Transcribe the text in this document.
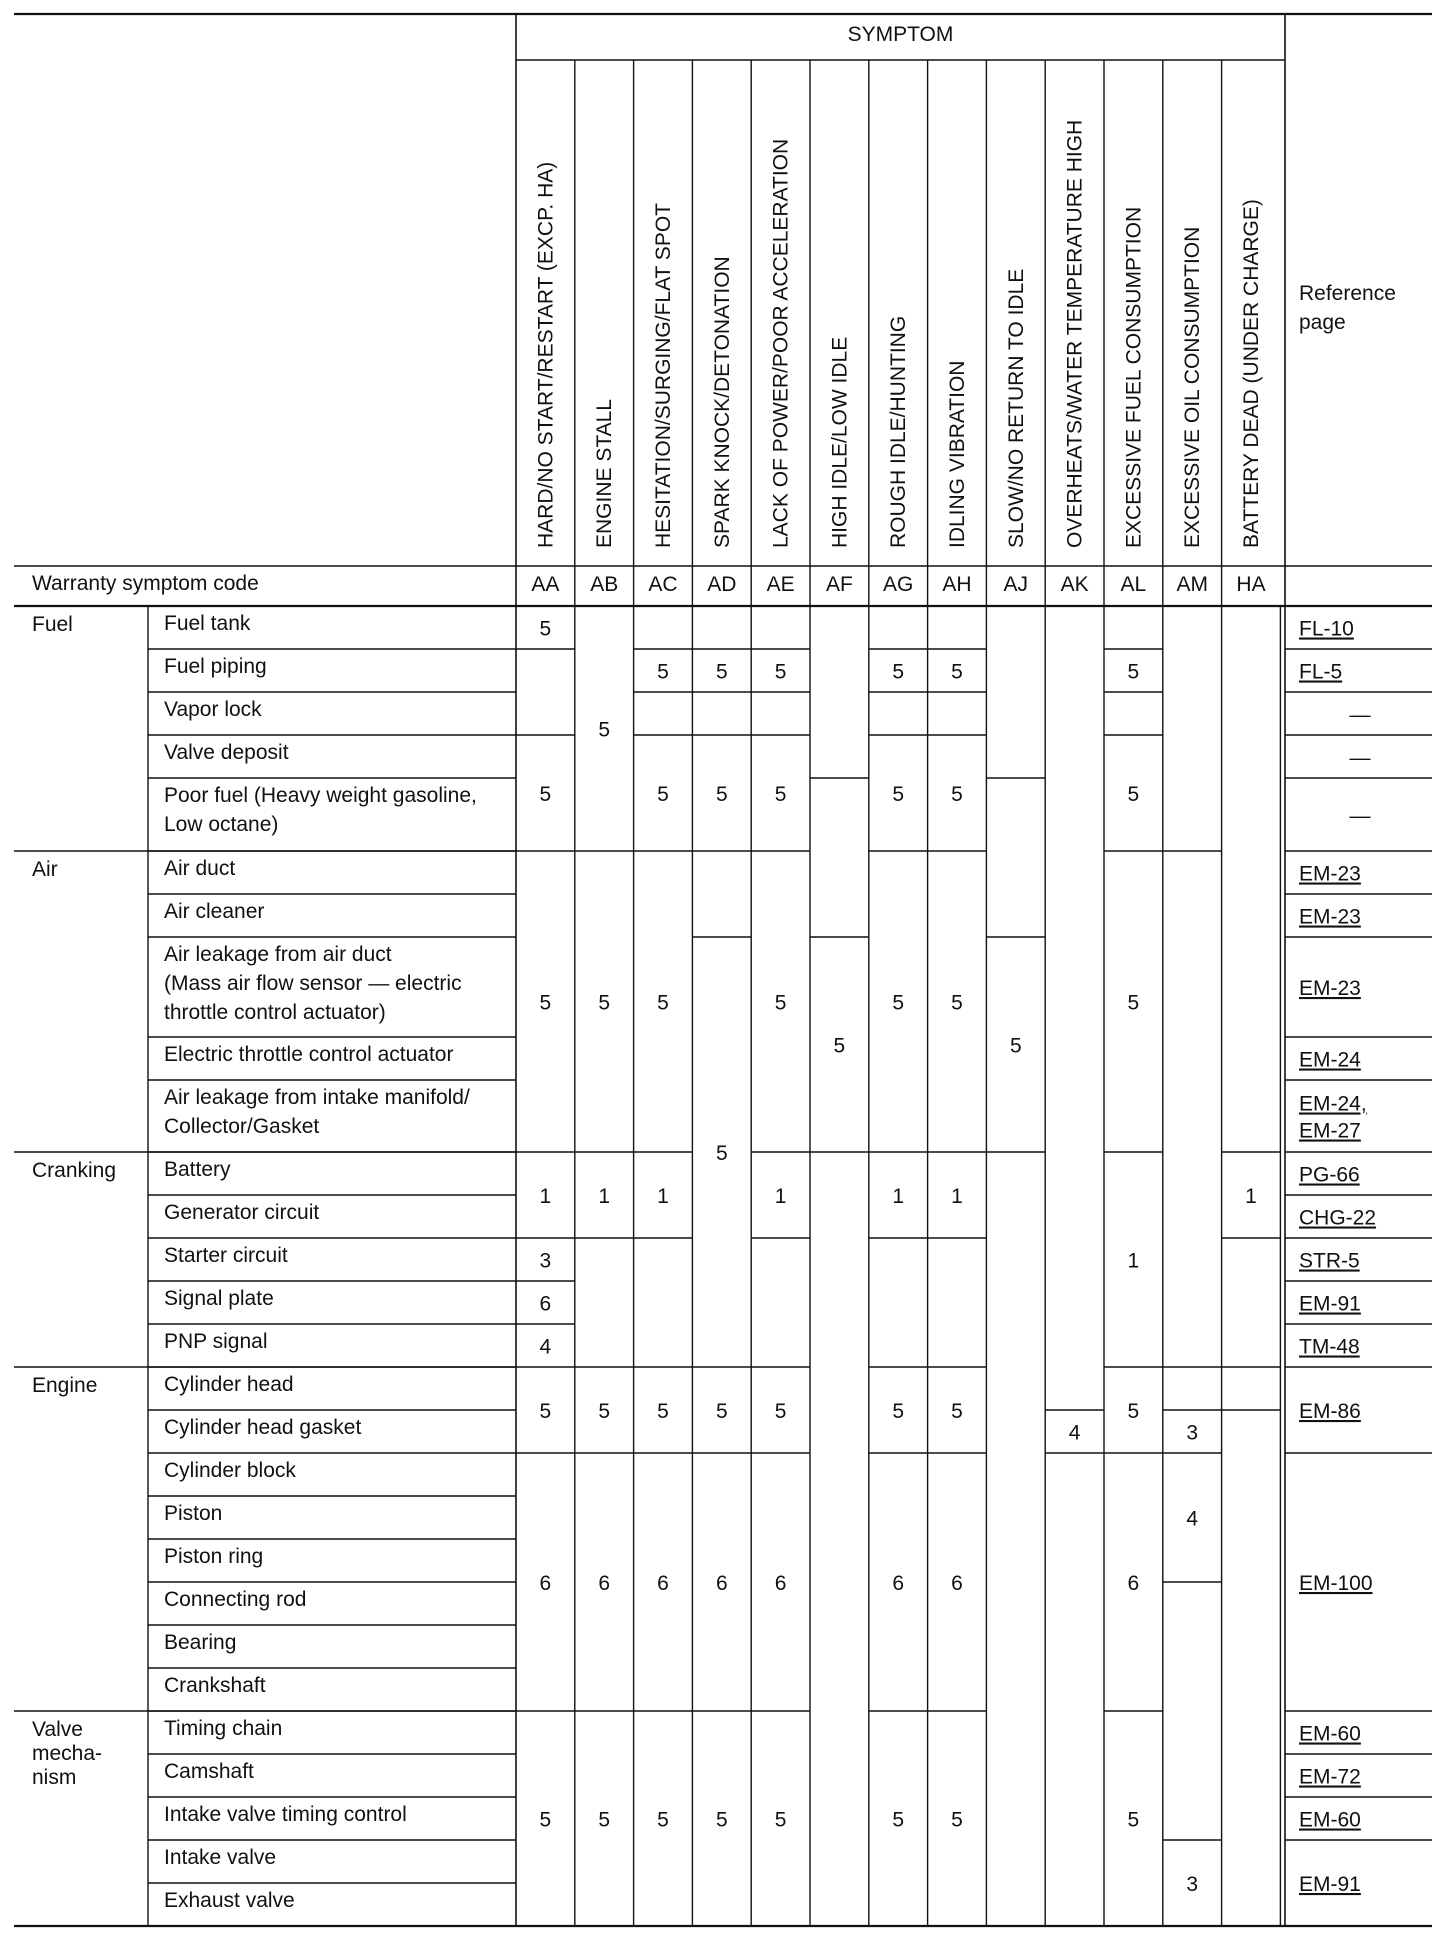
SYMPTOM
Reference
page
Warranty symptom code
HARD/NO START/RESTART (EXCP. HA)
AA
ENGINE STALL
AB
HESITATION/SURGING/FLAT SPOT
AC
SPARK KNOCK/DETONATION
AD
LACK OF POWER/POOR ACCELERATION
AE
HIGH IDLE/LOW IDLE
AF
ROUGH IDLE/HUNTING
AG
IDLING VIBRATION
AH
SLOW/NO RETURN TO IDLE
AJ
OVERHEATS/WATER TEMPERATURE HIGH
AK
EXCESSIVE FUEL CONSUMPTION
AL
EXCESSIVE OIL CONSUMPTION
AM
BATTERY DEAD (UNDER CHARGE)
HA
Fuel
Air
Cranking
Engine
Valve
mecha-
nism
Fuel tank
Fuel piping
Vapor lock
Valve deposit
Poor fuel (Heavy weight gasoline,
Low octane)
Air duct
Air cleaner
Air leakage from air duct
(Mass air flow sensor — electric
throttle control actuator)
Electric throttle control actuator
Air leakage from intake manifold/
Collector/Gasket
Battery
Generator circuit
Starter circuit
Signal plate
PNP signal
Cylinder head
Cylinder head gasket
Cylinder block
Piston
Piston ring
Connecting rod
Bearing
Crankshaft
Timing chain
Camshaft
Intake valve timing control
Intake valve
Exhaust valve
5
5
5
1
3
6
4
5
6
5
5
5
1
5
6
5
5
5
5
1
5
6
5
5
5
5
5
6
5
5
5
5
1
5
6
5
5
5
5
5
1
5
6
5
5
5
5
1
5
6
5
5
4
5
5
5
1
5
6
5
3
4
3
1
FL-10
FL-5
—
—
—
EM-23
EM-23
EM-23
EM-24
EM-24,
EM-27
PG-66
CHG-22
STR-5
EM-91
TM-48
EM-86
EM-100
EM-60
EM-72
EM-60
EM-91
